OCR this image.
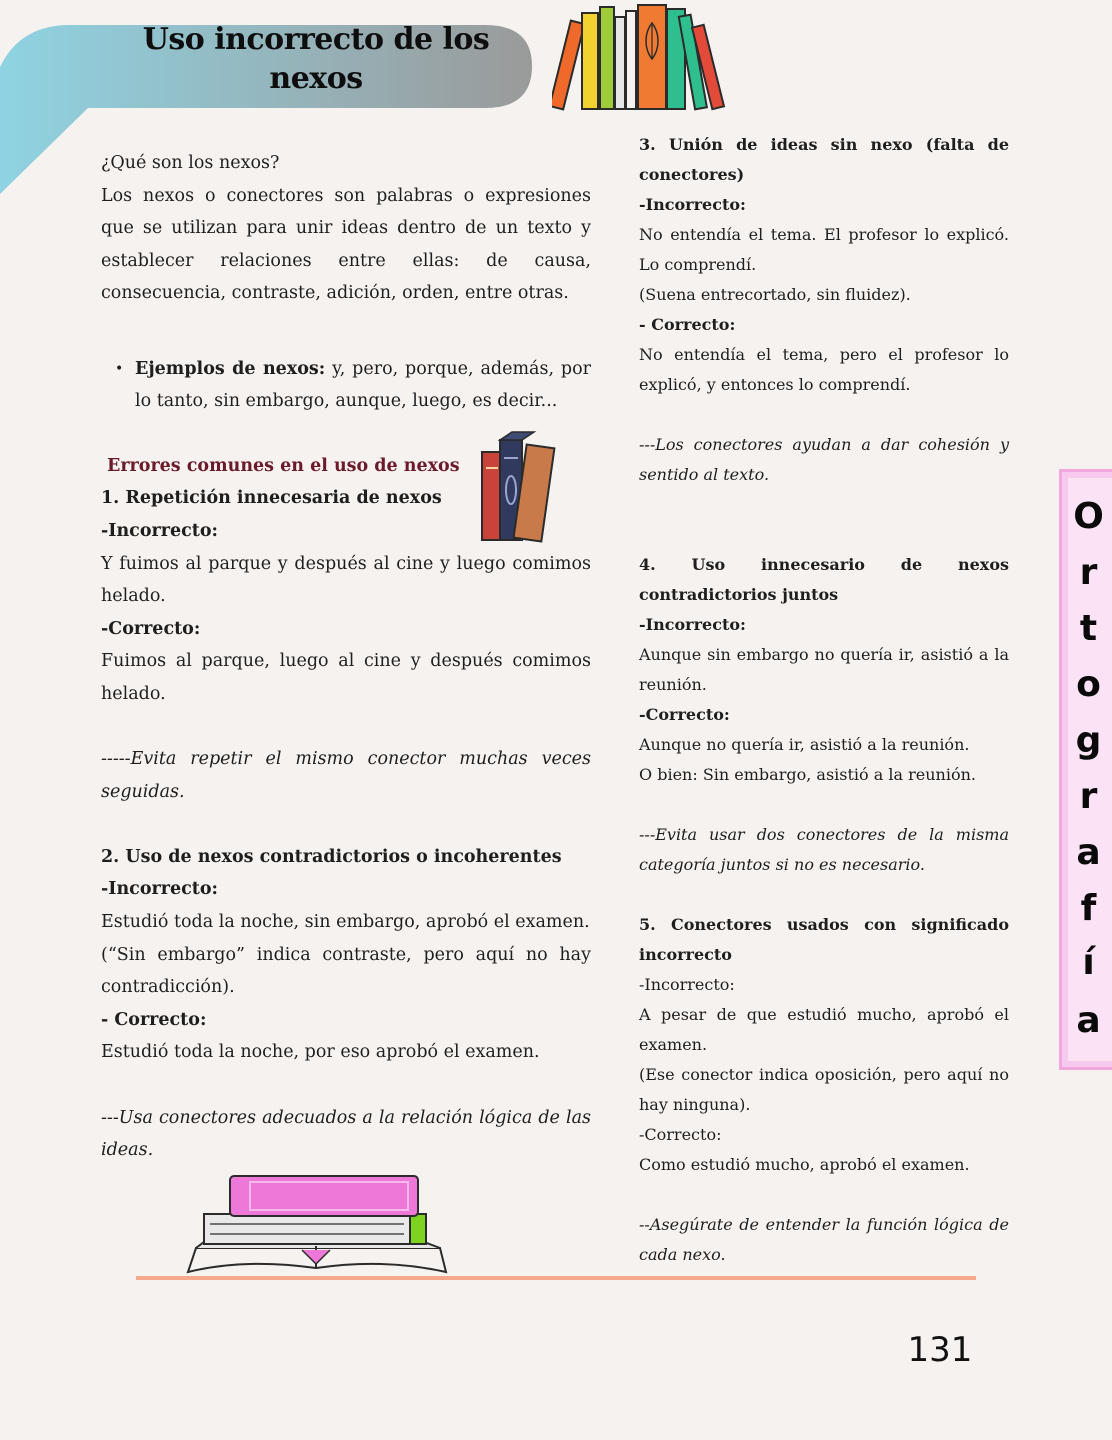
Uso incorrecto de los
nexos
¿Qué son los nexos?
Los nexos o conectores son palabras o expresiones que se utilizan para unir ideas dentro de un texto y establecer relaciones entre ellas: de causa, consecuencia, contraste, adición, orden, entre otras.
• Ejemplos de nexos: y, pero, porque, además, por lo tanto, sin embargo, aunque, luego, es decir...
Errores comunes en el uso de nexos
1. Repetición innecesaria de nexos
-Incorrecto:
Y fuimos al parque y después al cine y luego comimos helado.
-Correcto:
Fuimos al parque, luego al cine y después comimos helado.
-----Evita repetir el mismo conector muchas veces seguidas.
2. Uso de nexos contradictorios o incoherentes
-Incorrecto:
Estudió toda la noche, sin embargo, aprobó el examen.
(“Sin embargo” indica contraste, pero aquí no hay contradicción).
- Correcto:
Estudió toda la noche, por eso aprobó el examen.
---Usa conectores adecuados a la relación lógica de las ideas.
3. Unión de ideas sin nexo (falta de conectores)
-Incorrecto:
No entendía el tema. El profesor lo explicó. Lo comprendí.
(Suena entrecortado, sin fluidez).
- Correcto:
No entendía el tema, pero el profesor lo explicó, y entonces lo comprendí.
---Los conectores ayudan a dar cohesión y sentido al texto.
4. Uso innecesario de nexos contradictorios juntos
-Incorrecto:
Aunque sin embargo no quería ir, asistió a la reunión.
-Correcto:
Aunque no quería ir, asistió a la reunión.
O bien: Sin embargo, asistió a la reunión.
---Evita usar dos conectores de la misma categoría juntos si no es necesario.
5. Conectores usados con significado incorrecto
-Incorrecto:
A pesar de que estudió mucho, aprobó el examen.
(Ese conector indica oposición, pero aquí no hay ninguna).
-Correcto:
Como estudió mucho, aprobó el examen.
--Asegúrate de entender la función lógica de cada nexo.
O
r
t
o
g
r
a
f
í
a
131
